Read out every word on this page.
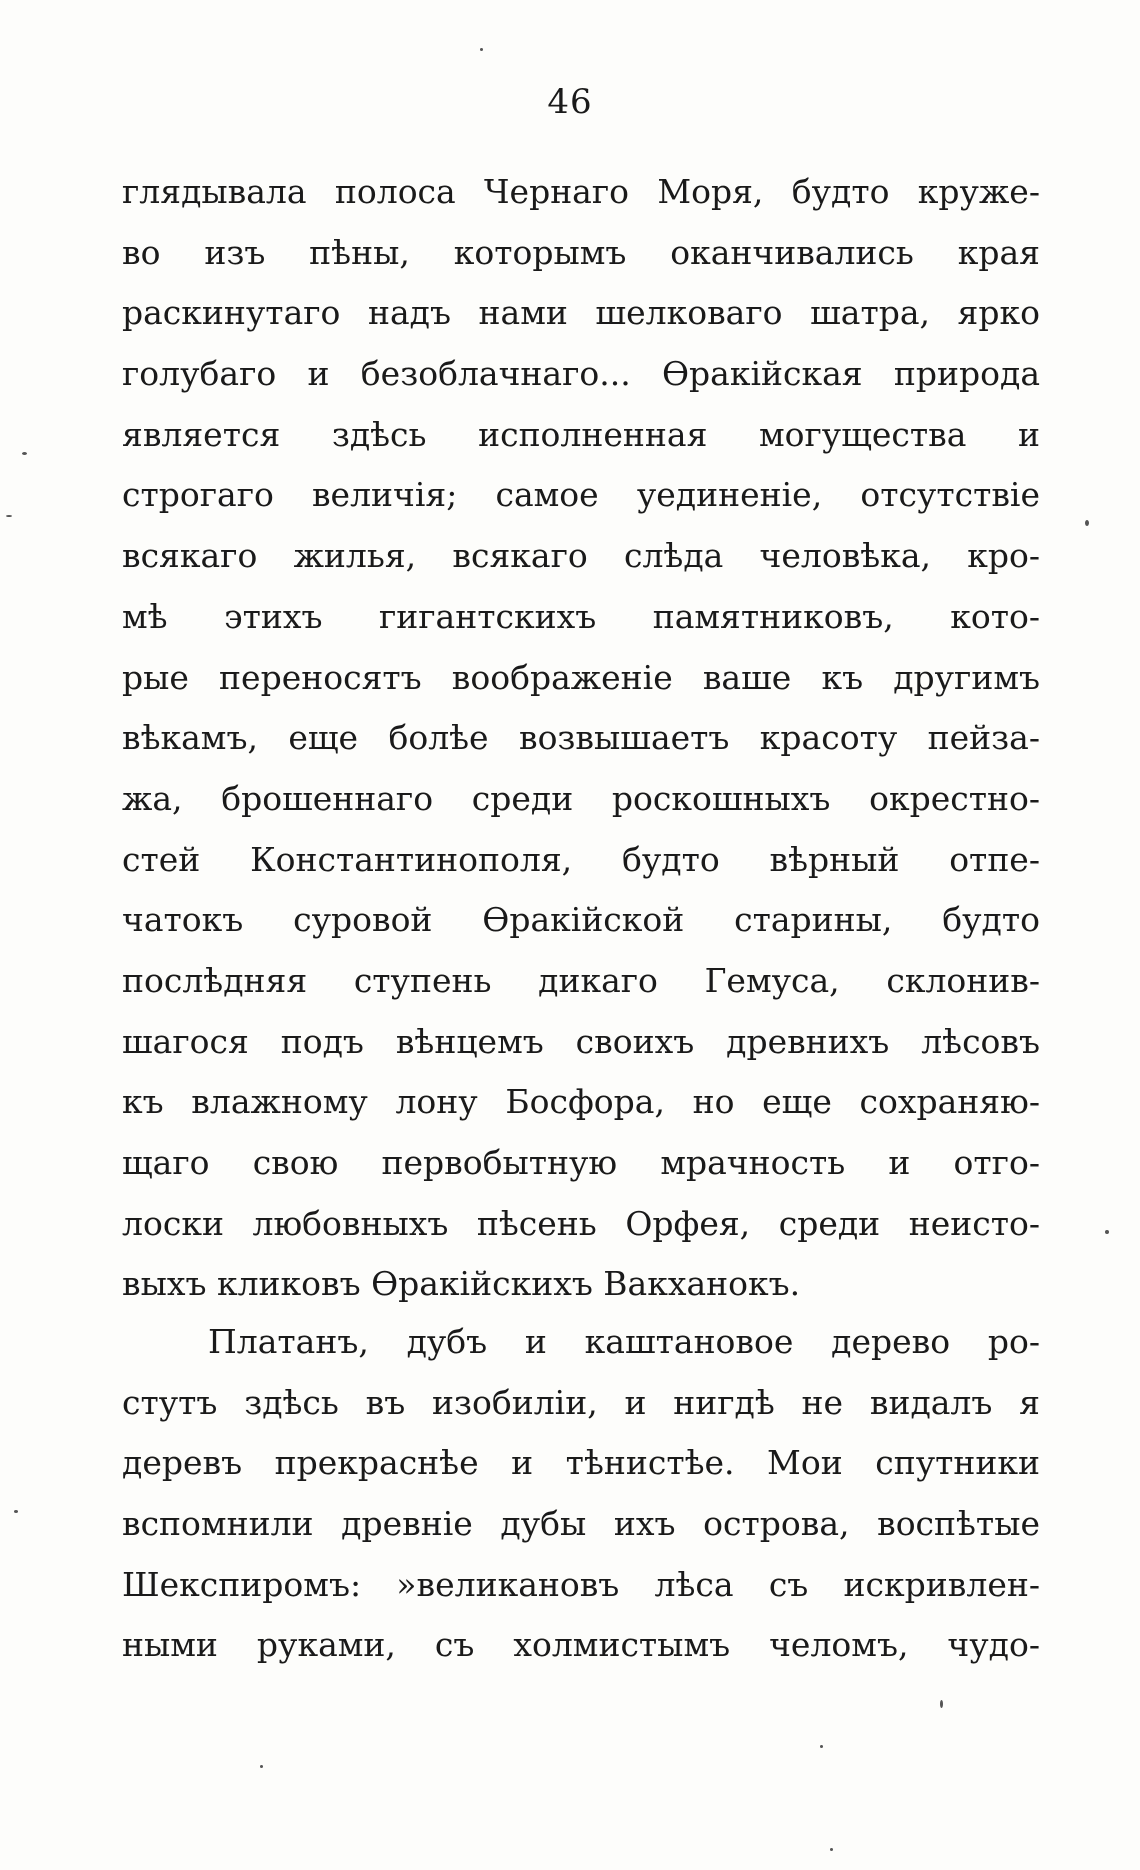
46
глядывала полоса Чернаго Моря, будто круже-
во изъ пѣны, которымъ оканчивались края
раскинутаго надъ нами шелковаго шатра, ярко
голубаго и безоблачнаго... Ѳракійская природа
является здѣсь исполненная могущества и
строгаго величія; самое уединеніе, отсутствіе
всякаго жилья, всякаго слѣда человѣка, кро-
мѣ этихъ гигантскихъ памятниковъ, кото-
рые переносятъ воображеніе ваше къ другимъ
вѣкамъ, еще болѣе возвышаетъ красоту пейза-
жа, брошеннаго среди роскошныхъ окрестно-
стей Константинополя, будто вѣрный отпе-
чатокъ суровой Ѳракійской старины, будто
послѣдняя ступень дикаго Гемуса, склонив-
шагося подъ вѣнцемъ своихъ древнихъ лѣсовъ
къ влажному лону Босфора, но еще сохраняю-
щаго свою первобытную мрачность и отго-
лоски любовныхъ пѣсень Орфея, среди неисто-
выхъ кликовъ Ѳракійскихъ Вакханокъ.
Платанъ, дубъ и каштановое дерево ро-
стутъ здѣсь въ изобиліи, и нигдѣ не видалъ я
деревъ прекраснѣе и тѣнистѣе. Мои спутники
вспомнили древніе дубы ихъ острова, воспѣтые
Шекспиромъ: »великановъ лѣса съ искривлен-
ными руками, съ холмистымъ челомъ, чудо-
